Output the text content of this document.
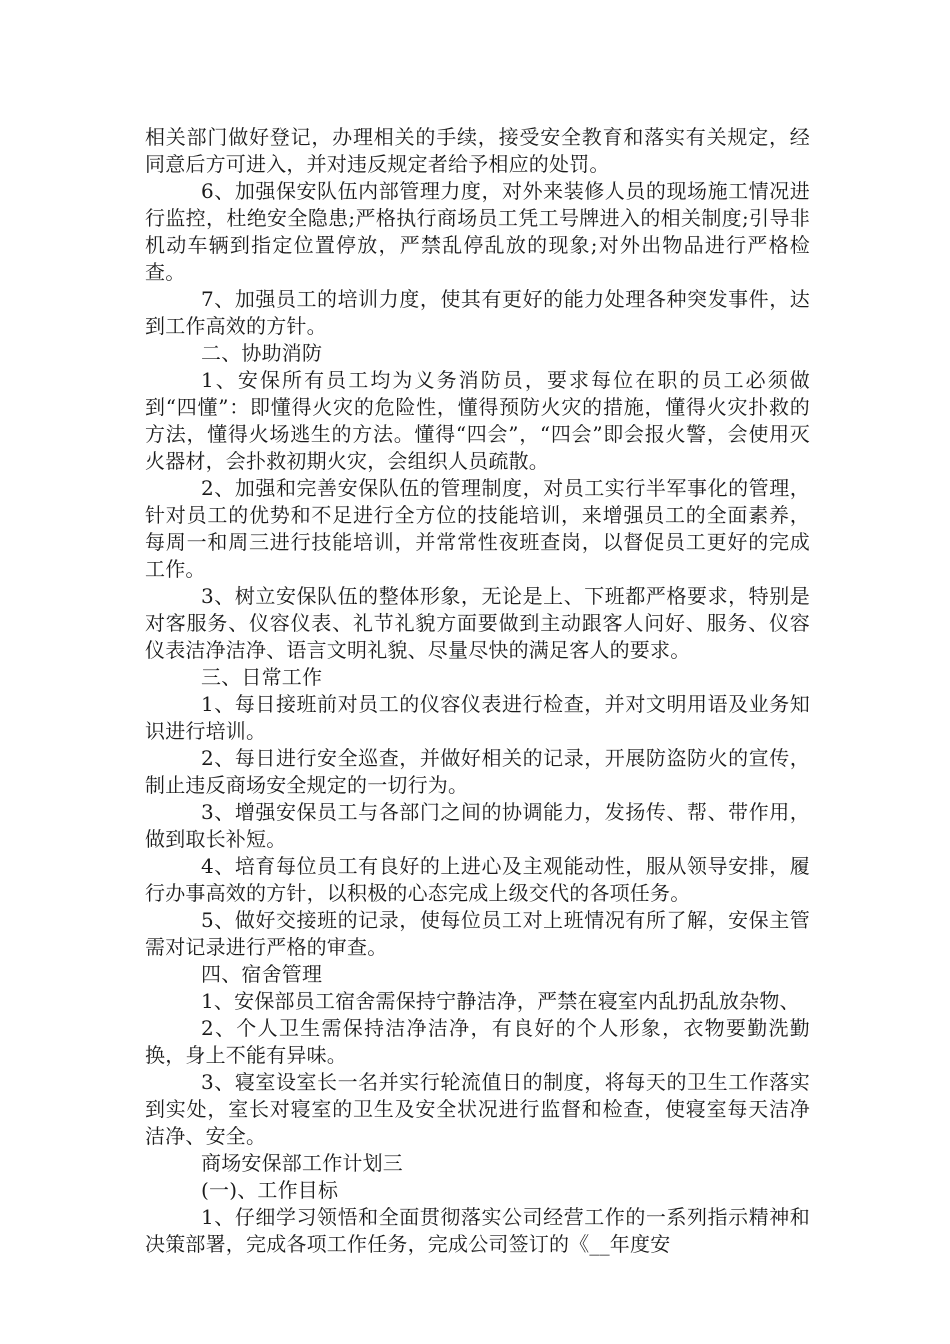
相关部门做好登记，办理相关的手续，接受安全教育和落实有关规定，经同意后方可进入，并对违反规定者给予相应的处罚。

6、加强保安队伍内部管理力度，对外来装修人员的现场施工情况进行监控，杜绝安全隐患;严格执行商场员工凭工号牌进入的相关制度;引导非机动车辆到指定位置停放，严禁乱停乱放的现象;对外出物品进行严格检查。

7、加强员工的培训力度，使其有更好的能力处理各种突发事件，达到工作高效的方针。

二、协助消防

1、安保所有员工均为义务消防员，要求每位在职的员工必须做到“四懂”：即懂得火灾的危险性，懂得预防火灾的措施，懂得火灾扑救的方法，懂得火场逃生的方法。懂得“四会”，“四会”即会报火警，会使用灭火器材，会扑救初期火灾，会组织人员疏散。

2、加强和完善安保队伍的管理制度，对员工实行半军事化的管理，针对员工的优势和不足进行全方位的技能培训，来增强员工的全面素养，每周一和周三进行技能培训，并常常性夜班查岗，以督促员工更好的完成工作。

3、树立安保队伍的整体形象，无论是上、下班都严格要求，特别是对客服务、仪容仪表、礼节礼貌方面要做到主动跟客人问好、服务、仪容仪表洁净洁净、语言文明礼貌、尽量尽快的满足客人的要求。

三、日常工作

1、每日接班前对员工的仪容仪表进行检查，并对文明用语及业务知识进行培训。

2、每日进行安全巡查，并做好相关的记录，开展防盗防火的宣传，制止违反商场安全规定的一切行为。

3、增强安保员工与各部门之间的协调能力，发扬传、帮、带作用，做到取长补短。

4、培育每位员工有良好的上进心及主观能动性，服从领导安排，履行办事高效的方针，以积极的心态完成上级交代的各项任务。

5、做好交接班的记录，使每位员工对上班情况有所了解，安保主管需对记录进行严格的审查。

四、宿舍管理

1、安保部员工宿舍需保持宁静洁净，严禁在寝室内乱扔乱放杂物、

2、个人卫生需保持洁净洁净，有良好的个人形象，衣物要勤洗勤换，身上不能有异味。

3、寝室设室长一名并实行轮流值日的制度，将每天的卫生工作落实到实处，室长对寝室的卫生及安全状况进行监督和检查，使寝室每天洁净洁净、安全。

商场安保部工作计划三

(一)、工作目标

1、仔细学习领悟和全面贯彻落实公司经营工作的一系列指示精神和决策部署，完成各项工作任务，完成公司签订的《__年度安
